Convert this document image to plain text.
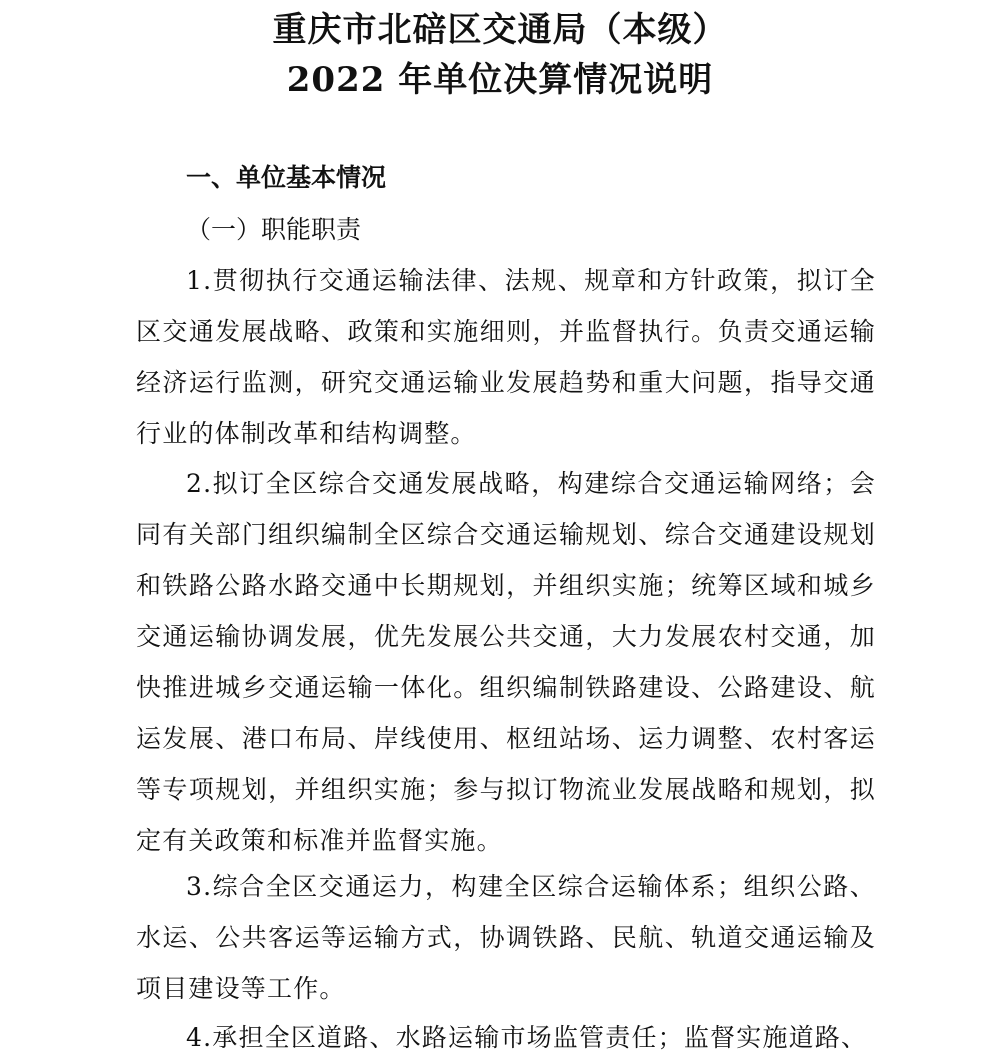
重庆市北碚区交通局（本级）
2022 年单位决算情况说明
一、单位基本情况
（一）职能职责

1.贯彻执行交通运输法律、法规、规章和方针政策，拟订全区交通发展战略、政策和实施细则，并监督执行。负责交通运输经济运行监测，研究交通运输业发展趋势和重大问题，指导交通行业的体制改革和结构调整。

2.拟订全区综合交通发展战略，构建综合交通运输网络；会同有关部门组织编制全区综合交通运输规划、综合交通建设规划和铁路公路水路交通中长期规划，并组织实施；统筹区域和城乡交通运输协调发展，优先发展公共交通，大力发展农村交通，加快推进城乡交通运输一体化。组织编制铁路建设、公路建设、航运发展、港口布局、岸线使用、枢纽站场、运力调整、农村客运等专项规划，并组织实施；参与拟订物流业发展战略和规划，拟定有关政策和标准并监督实施。

3.综合全区交通运力，构建全区综合运输体系；组织公路、水运、公共客运等运输方式，协调铁路、民航、轨道交通运输及项目建设等工作。

4.承担全区道路、水路运输市场监管责任；监督实施道路、
